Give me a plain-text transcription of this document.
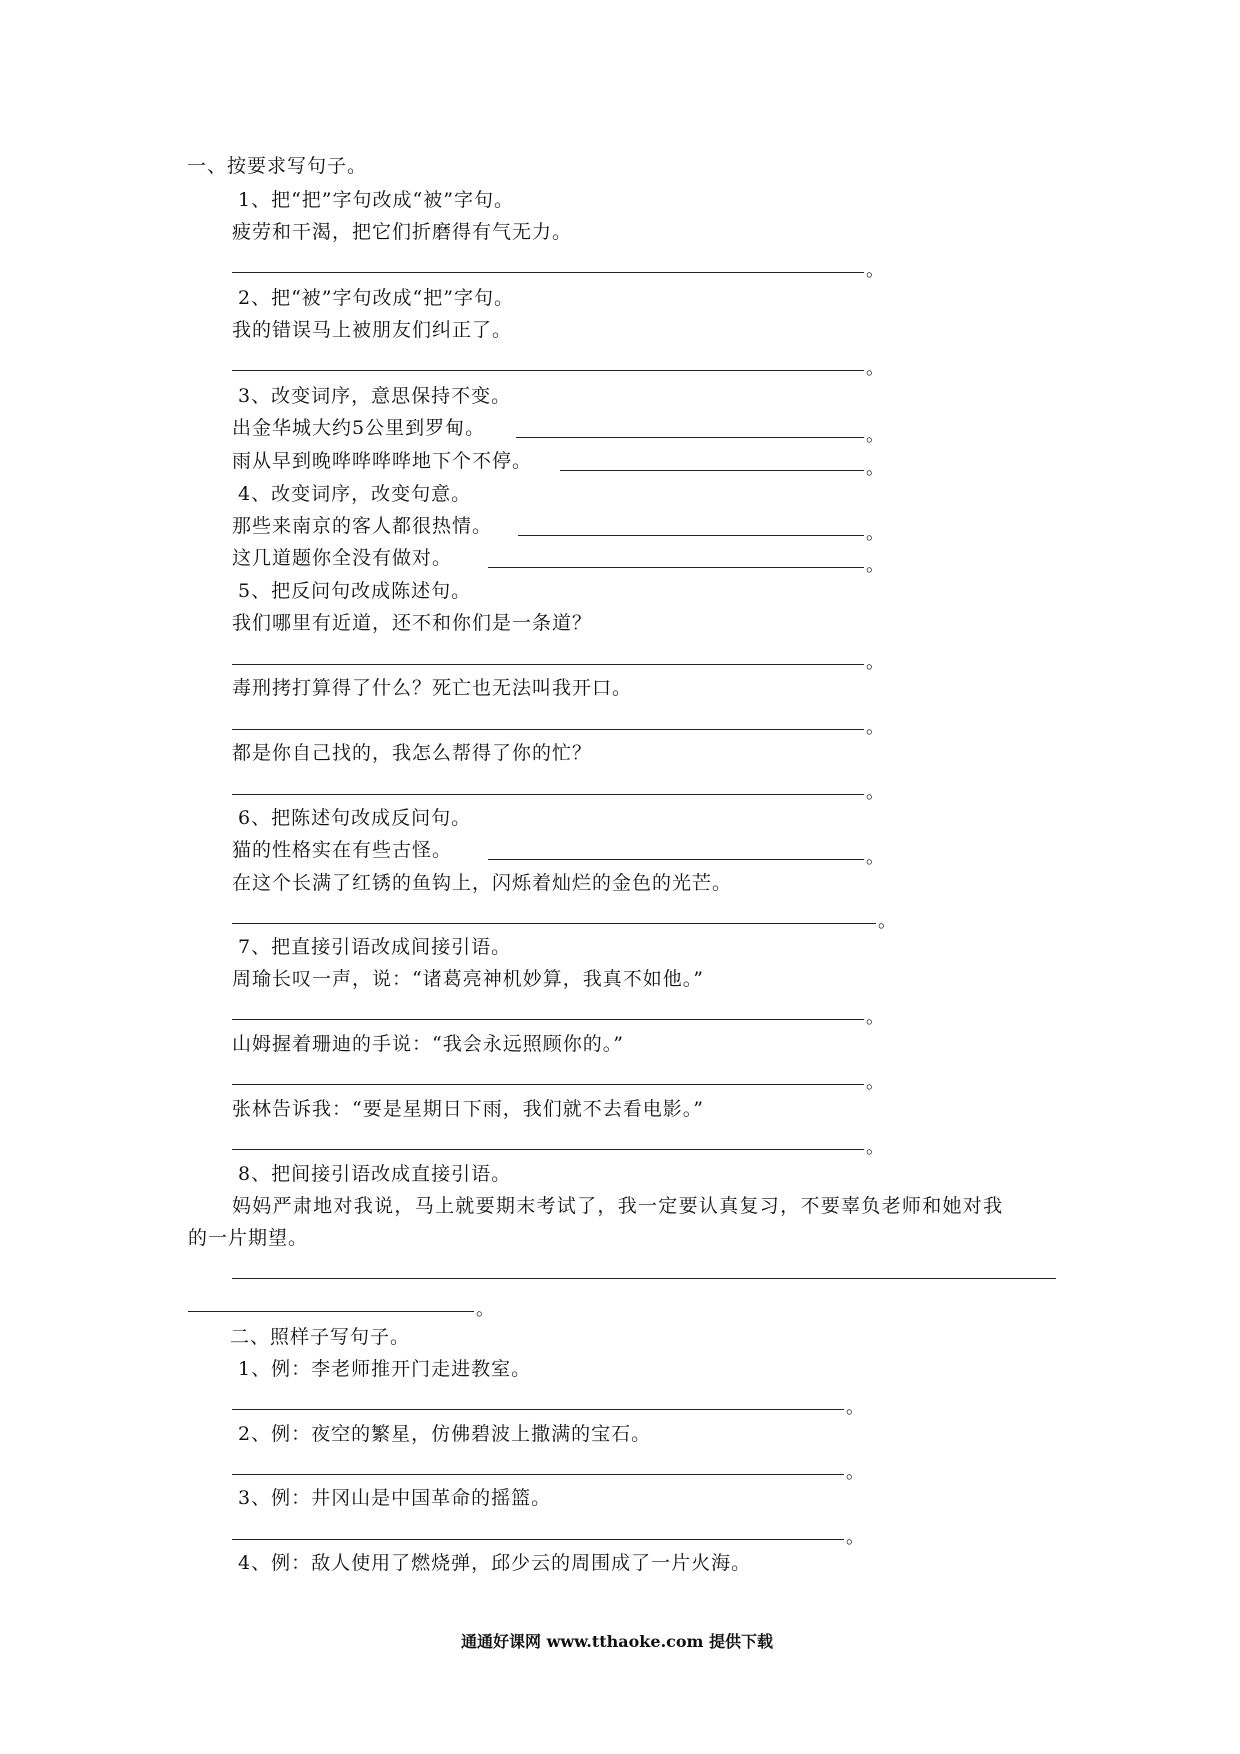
一、按要求写句子。
1、把“把”字句改成“被”字句。
疲劳和干渴，把它们折磨得有气无力。
。
2、把“被”字句改成“把”字句。
我的错误马上被朋友们纠正了。
。
3、改变词序，意思保持不变。
出金华城大约5公里到罗甸。	。
雨从早到晚哗哗哗哗地下个不停。	。
4、改变词序，改变句意。
那些来南京的客人都很热情。	。
这几道题你全没有做对。	。
5、把反问句改成陈述句。
我们哪里有近道，还不和你们是一条道？
。
毒刑拷打算得了什么？死亡也无法叫我开口。
。
都是你自己找的，我怎么帮得了你的忙？
。
6、把陈述句改成反问句。
猫的性格实在有些古怪。	。
在这个长满了红锈的鱼钩上，闪烁着灿烂的金色的光芒。
。
7、把直接引语改成间接引语。
周瑜长叹一声，说：“诸葛亮神机妙算，我真不如他。”
。
山姆握着珊迪的手说：“我会永远照顾你的。”
。
张林告诉我：“要是星期日下雨，我们就不去看电影。”
。
8、把间接引语改成直接引语。
妈妈严肃地对我说，马上就要期末考试了，我一定要认真复习，不要辜负老师和她对我
的一片期望。
。
二、照样子写句子。
1、例：李老师推开门走进教室。
。
2、例：夜空的繁星，仿佛碧波上撒满的宝石。
。
3、例：井冈山是中国革命的摇篮。
。
4、例：敌人使用了燃烧弹，邱少云的周围成了一片火海。
通通好课网 www.tthaoke.com 提供下载
